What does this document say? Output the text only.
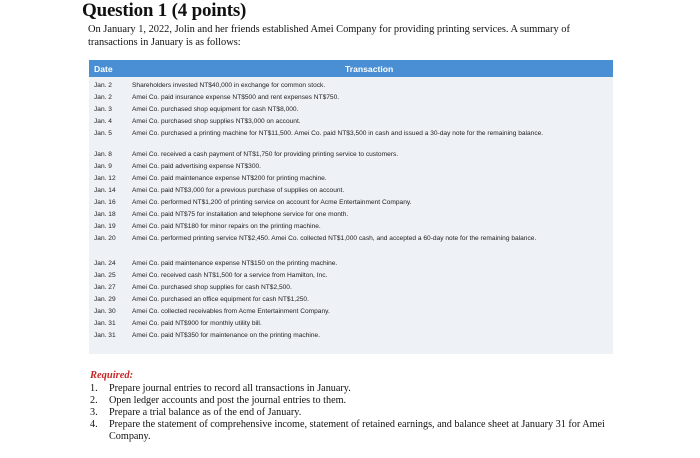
Question 1 (4 points)
On January 1, 2022, Jolin and her friends established Amei Company for providing printing services. A summary of transactions in January is as follows:
Date	Transaction
Jan. 2	Shareholders invested NT$40,000 in exchange for common stock.
Jan. 2	Amei Co. paid insurance expense NT$500 and rent expenses NT$750.
Jan. 3	Amei Co. purchased shop equipment for cash NT$8,000.
Jan. 4	Amei Co. purchased shop supplies NT$3,000 on account.
Jan. 5	Amei Co. purchased a printing machine for NT$11,500. Amei Co. paid NT$3,500 in cash and issued a 30-day note for the remaining balance.
Jan. 8	Amei Co. received a cash payment of NT$1,750 for providing printing service to customers.
Jan. 9	Amei Co. paid advertising expense NT$300.
Jan. 12	Amei Co. paid maintenance expense NT$200 for printing machine.
Jan. 14	Amei Co. paid NT$3,000 for a previous purchase of supplies on account.
Jan. 16	Amei Co. performed NT$1,200 of printing service on account for Acme Entertainment Company.
Jan. 18	Amei Co. paid NT$75 for installation and telephone service for one month.
Jan. 19	Amei Co. paid NT$180 for minor repairs on the printing machine.
Jan. 20	Amei Co. performed printing service NT$2,450. Amei Co. collected NT$1,000 cash, and accepted a 60-day note for the remaining balance.
Jan. 24	Amei Co. paid maintenance expense NT$150 on the printing machine.
Jan. 25	Amei Co. received cash NT$1,500 for a service from Hamilton, Inc.
Jan. 27	Amei Co. purchased shop supplies for cash NT$2,500.
Jan. 29	Amei Co. purchased an office equipment for cash NT$1,250.
Jan. 30	Amei Co. collected receivables from Acme Entertainment Company.
Jan. 31	Amei Co. paid NT$900 for monthly utility bill.
Jan. 31	Amei Co. paid NT$350 for maintenance on the printing machine.
Required:
1. Prepare journal entries to record all transactions in January.
2. Open ledger accounts and post the journal entries to them.
3. Prepare a trial balance as of the end of January.
4. Prepare the statement of comprehensive income, statement of retained earnings, and balance sheet at January 31 for Amei Company.
